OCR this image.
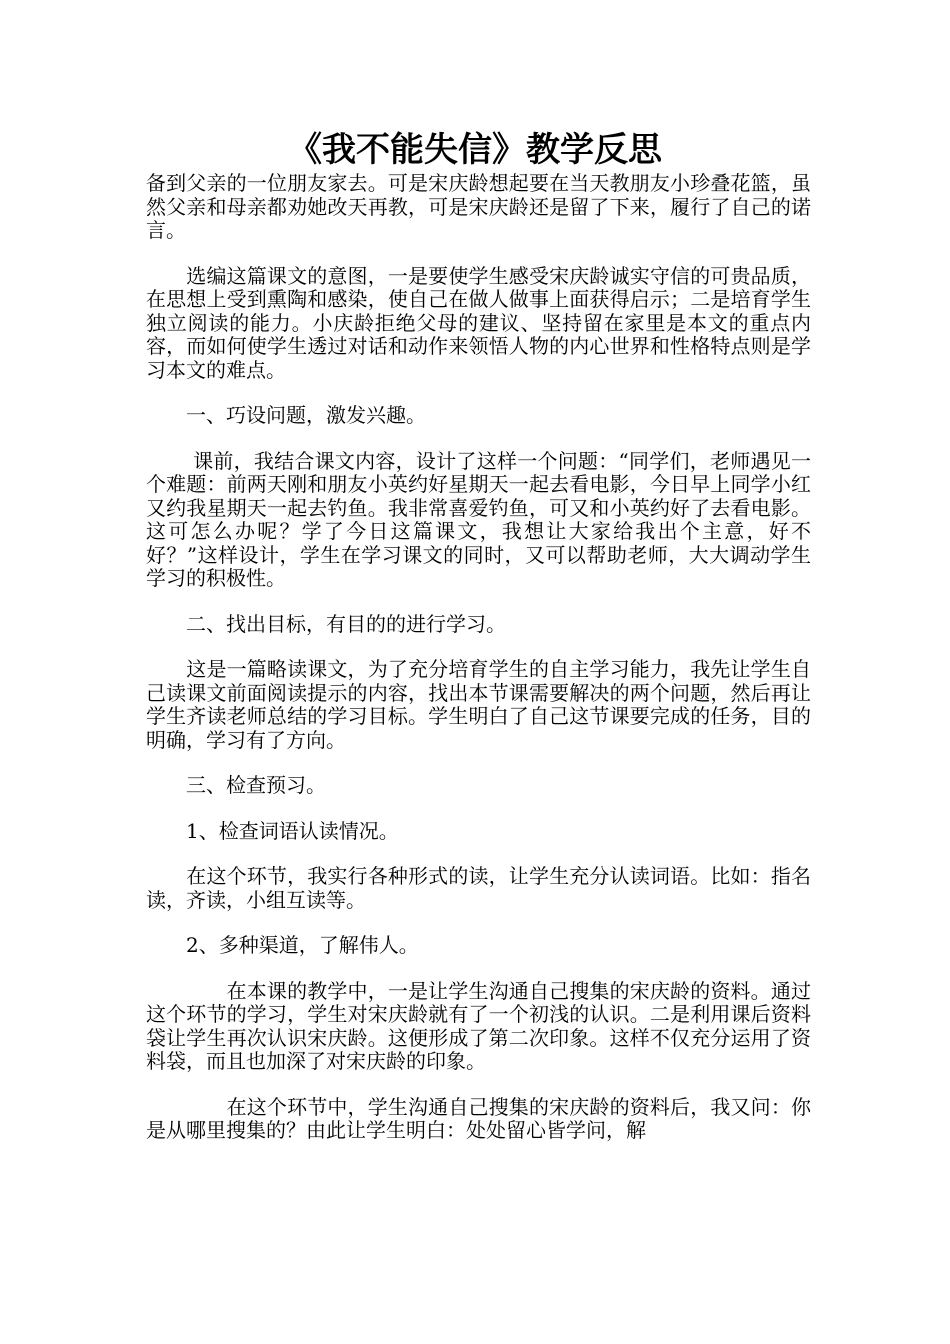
《我不能失信》教学反思

备到父亲的一位朋友家去。可是宋庆龄想起要在当天教朋友小珍叠花篮，虽然父亲和母亲都劝她改天再教，可是宋庆龄还是留了下来，履行了自己的诺言。

　　选编这篇课文的意图，一是要使学生感受宋庆龄诚实守信的可贵品质，在思想上受到熏陶和感染，使自己在做人做事上面获得启示；二是培育学生独立阅读的能力。小庆龄拒绝父母的建议、坚持留在家里是本文的重点内容，而如何使学生透过对话和动作来领悟人物的内心世界和性格特点则是学习本文的难点。

　　一、巧设问题，激发兴趣。

　　 课前，我结合课文内容，设计了这样一个问题：“同学们，老师遇见一个难题：前两天刚和朋友小英约好星期天一起去看电影，今日早上同学小红又约我星期天一起去钓鱼。我非常喜爱钓鱼，可又和小英约好了去看电影。这可怎么办呢？学了今日这篇课文，我想让大家给我出个主意，好不好？”这样设计，学生在学习课文的同时，又可以帮助老师，大大调动学生学习的积极性。

　　二、找出目标，有目的的进行学习。

　　这是一篇略读课文，为了充分培育学生的自主学习能力，我先让学生自己读课文前面阅读提示的内容，找出本节课需要解决的两个问题，然后再让学生齐读老师总结的学习目标。学生明白了自己这节课要完成的任务，目的明确，学习有了方向。

　　三、检查预习。

　　1、检查词语认读情况。

　　在这个环节，我实行各种形式的读，让学生充分认读词语。比如：指名读，齐读，小组互读等。

　　2、多种渠道，了解伟人。

　　　　在本课的教学中，一是让学生沟通自己搜集的宋庆龄的资料。通过这个环节的学习，学生对宋庆龄就有了一个初浅的认识。二是利用课后资料袋让学生再次认识宋庆龄。这便形成了第二次印象。这样不仅充分运用了资料袋，而且也加深了对宋庆龄的印象。

　　　　在这个环节中，学生沟通自己搜集的宋庆龄的资料后，我又问：你是从哪里搜集的？由此让学生明白：处处留心皆学问，解
